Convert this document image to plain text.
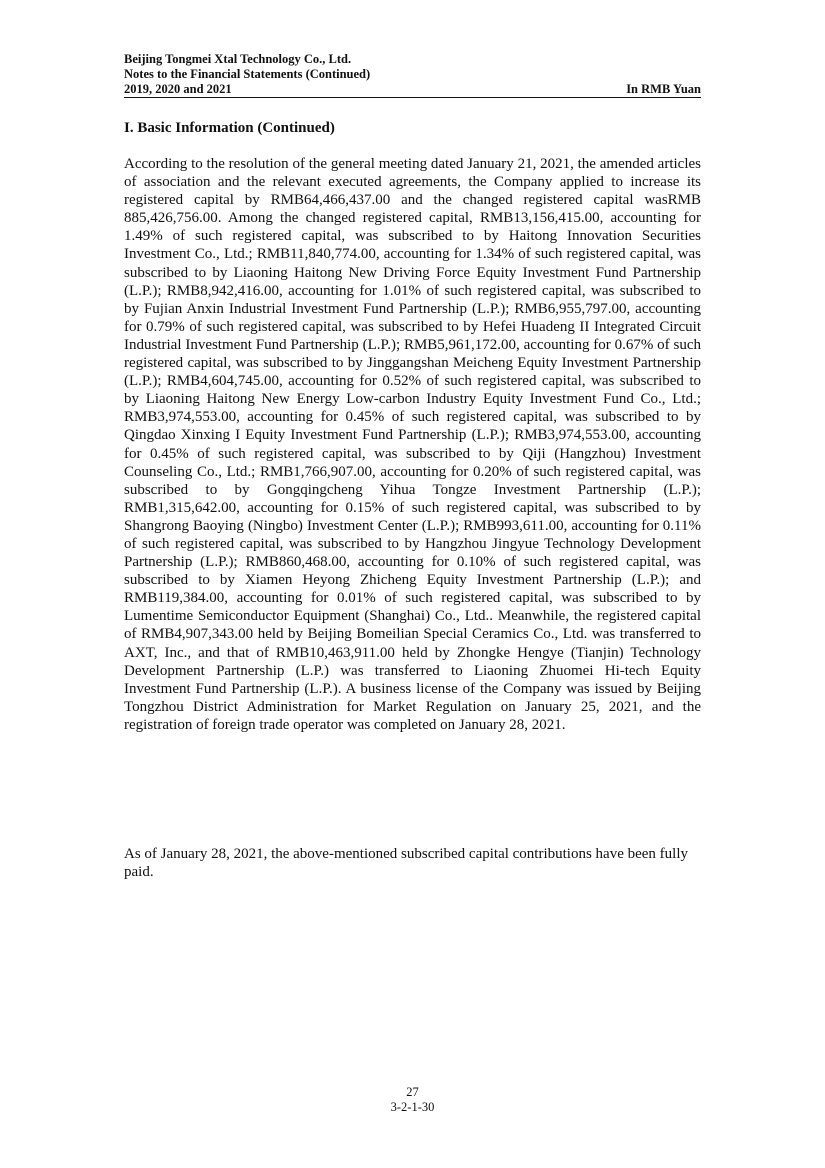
Beijing Tongmei Xtal Technology Co., Ltd.
Notes to the Financial Statements (Continued)
2019, 2020 and 2021	In RMB Yuan
I. Basic Information (Continued)

According to the resolution of the general meeting dated January 21, 2021, the amended articles of association and the relevant executed agreements, the Company applied to increase its registered capital by RMB64,466,437.00 and the changed registered capital wasRMB 885,426,756.00. Among the changed registered capital, RMB13,156,415.00, accounting for 1.49% of such registered capital, was subscribed to by Haitong Innovation Securities Investment Co., Ltd.; RMB11,840,774.00, accounting for 1.34% of such registered capital, was subscribed to by Liaoning Haitong New Driving Force Equity Investment Fund Partnership (L.P.); RMB8,942,416.00, accounting for 1.01% of such registered capital, was subscribed to by Fujian Anxin Industrial Investment Fund Partnership (L.P.); RMB6,955,797.00, accounting for 0.79% of such registered capital, was subscribed to by Hefei Huadeng II Integrated Circuit Industrial Investment Fund Partnership (L.P.); RMB5,961,172.00, accounting for 0.67% of such registered capital, was subscribed to by Jinggangshan Meicheng Equity Investment Partnership (L.P.); RMB4,604,745.00, accounting for 0.52% of such registered capital, was subscribed to by Liaoning Haitong New Energy Low-carbon Industry Equity Investment Fund Co., Ltd.; RMB3,974,553.00, accounting for 0.45% of such registered capital, was subscribed to by Qingdao Xinxing I Equity Investment Fund Partnership (L.P.); RMB3,974,553.00, accounting for 0.45% of such registered capital, was subscribed to by Qiji (Hangzhou) Investment Counseling Co., Ltd.; RMB1,766,907.00, accounting for 0.20% of such registered capital, was subscribed to by Gongqingcheng Yihua Tongze Investment Partnership (L.P.); RMB1,315,642.00, accounting for 0.15% of such registered capital, was subscribed to by Shangrong Baoying (Ningbo) Investment Center (L.P.); RMB993,611.00, accounting for 0.11% of such registered capital, was subscribed to by Hangzhou Jingyue Technology Development Partnership (L.P.); RMB860,468.00, accounting for 0.10% of such registered capital, was subscribed to by Xiamen Heyong Zhicheng Equity Investment Partnership (L.P.); and RMB119,384.00, accounting for 0.01% of such registered capital, was subscribed to by Lumentime Semiconductor Equipment (Shanghai) Co., Ltd.. Meanwhile, the registered capital of RMB4,907,343.00 held by Beijing Bomeilian Special Ceramics Co., Ltd. was transferred to AXT, Inc., and that of RMB10,463,911.00 held by Zhongke Hengye (Tianjin) Technology Development Partnership (L.P.) was transferred to Liaoning Zhuomei Hi-tech Equity Investment Fund Partnership (L.P.). A business license of the Company was issued by Beijing Tongzhou District Administration for Market Regulation on January 25, 2021, and the registration of foreign trade operator was completed on January 28, 2021.

As of January 28, 2021, the above-mentioned subscribed capital contributions have been fully paid.

27
3-2-1-30
